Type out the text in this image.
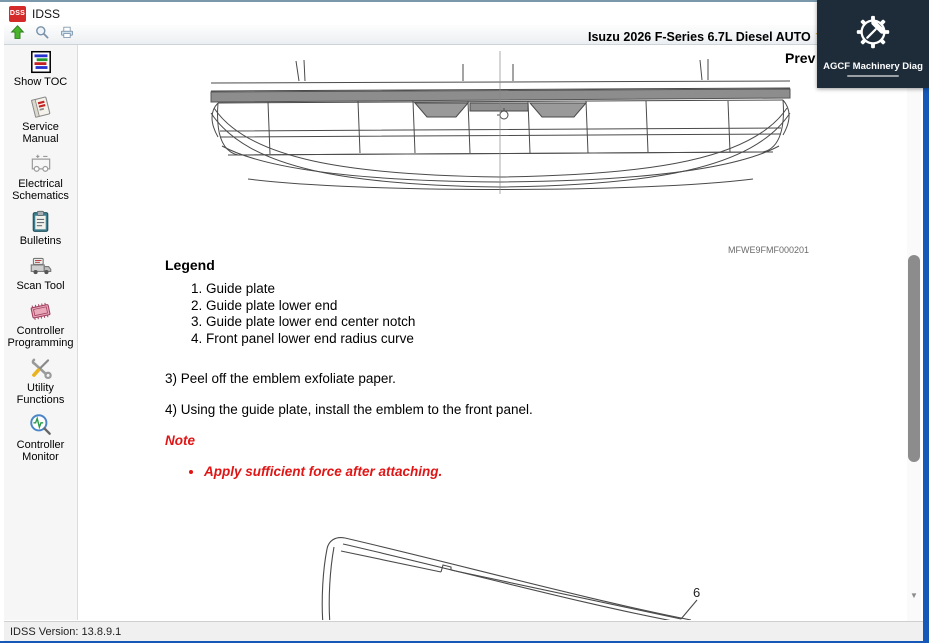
DSS IDSS
Isuzu 2026 F-Series 6.7L Diesel AUTO
Show TOC
Service Manual
Electrical Schematics
Bulletins
Scan Tool
Controller Programming
Utility Functions
Controller Monitor
Prev
MFWE9FMF000201
Legend
1. Guide plate
2. Guide plate lower end
3. Guide plate lower end center notch
4. Front panel lower end radius curve
3) Peel off the emblem exfoliate paper.
4) Using the guide plate, install the emblem to the front panel.
Note
• Apply sufficient force after attaching.
6	▼
AGCF Machinery Diag
IDSS Version: 13.8.9.1
